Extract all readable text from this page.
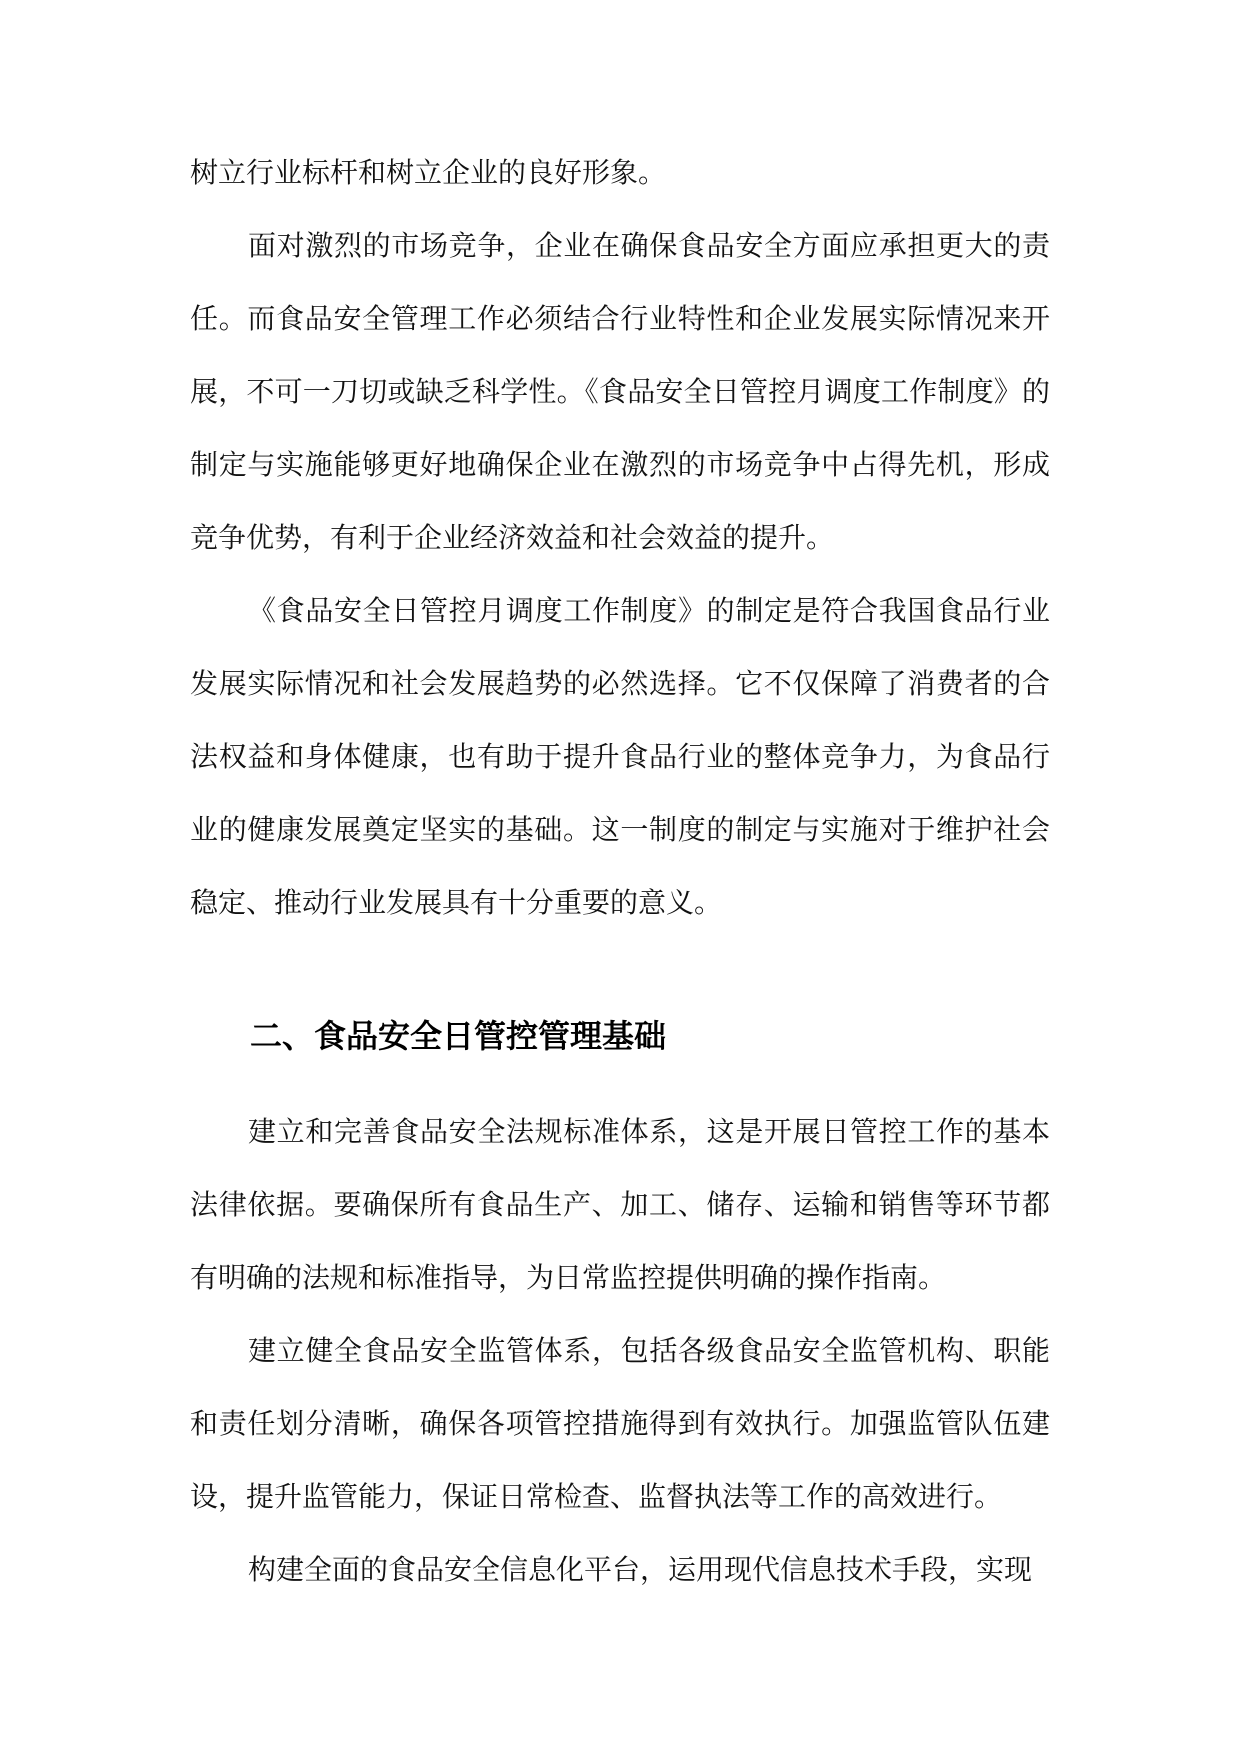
树立行业标杆和树立企业的良好形象。

面对激烈的市场竞争，企业在确保食品安全方面应承担更大的责任。而食品安全管理工作必须结合行业特性和企业发展实际情况来开展，不可一刀切或缺乏科学性。《食品安全日管控月调度工作制度》的制定与实施能够更好地确保企业在激烈的市场竞争中占得先机，形成竞争优势，有利于企业经济效益和社会效益的提升。

《食品安全日管控月调度工作制度》的制定是符合我国食品行业发展实际情况和社会发展趋势的必然选择。它不仅保障了消费者的合法权益和身体健康，也有助于提升食品行业的整体竞争力，为食品行业的健康发展奠定坚实的基础。这一制度的制定与实施对于维护社会稳定、推动行业发展具有十分重要的意义。

二、食品安全日管控管理基础

建立和完善食品安全法规标准体系，这是开展日管控工作的基本法律依据。要确保所有食品生产、加工、储存、运输和销售等环节都有明确的法规和标准指导，为日常监控提供明确的操作指南。

建立健全食品安全监管体系，包括各级食品安全监管机构、职能和责任划分清晰，确保各项管控措施得到有效执行。加强监管队伍建设，提升监管能力，保证日常检查、监督执法等工作的高效进行。

构建全面的食品安全信息化平台，运用现代信息技术手段，实现
